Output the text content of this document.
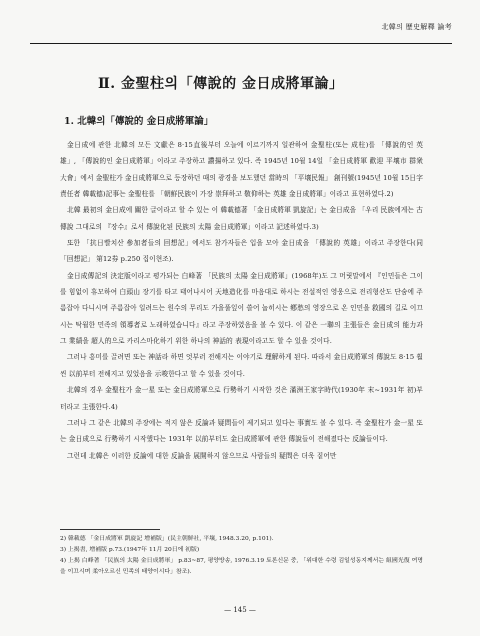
北韓의 歷史解釋 論考
Ⅱ. 金聖柱의「傳說的 金日成將軍論」
1. 北韓의「傳說的 金日成將軍論」

金日成에 관한 北韓의 모든 文獻은 8·15直後부터 오늘에 이르기까지 일관하여 金聖柱(또는 成柱)를 「傳說的인 英雄」, 「傳說的인 金日成將軍」이라고 주장하고 讚揚하고 있다. 즉 1945년 10월 14일 「金日成將軍 歡迎 平壤市 群衆大會」에서 金聖柱가 金日成將軍으로 등장하던 때의 광경을 보도했던 當時의 「平壤民報」 創刊號(1945년 10월 15日字 責任者 韓載德)記事는 金聖柱를 「朝鮮民族이 가장 崇拜하고 敬仰하는 英雄 金日成將軍」이라고 표현하였다.2)

北韓 最初의 金日成에 關한 글이라고 할 수 있는 이 韓載德著 「金日成將軍 凱旋記」는 金日成을 「우리 民族에게는 古傳說 그대로의 『장수』로서 傳說化된 民族의 太陽 金日成將軍」이라고 記述하였다.3)

또한 「抗日빨치산 參加者들의 回想記」에서도 참가자들은 입을 모아 金日成을 「傳說的 英雄」이라고 주장한다(同 「回想記」 第12券 p.250 집이현조).

金日成傳記의 決定版이라고 평가되는 白峰著 「民族의 太陽 金日成將軍」(1968年)도 그 머릿말에서 『인민들은 그이를 힘없이 휴모하여 白頭山 장기를 타고 태어나시어 天地造化를 마음대로 하시는 전설적인 영웅으로 전리형산도 단숨에 주름잡아 다니시며 주름잡아 일려드는 원수의 무리도 가을풀잎이 쓸어 눕히시는 鄕愁의 영장으로 온 인민을 救國의 길로 이끄시는 탁월한 민족의 領導者로 노래하였습니다』라고 주장하였음을 볼 수 있다. 이 같은 一聯의 主張들은 金日成의 能力과 그 業績을 超人的으로 카리스마化하기 위한 하나의 神話的 表現이라고도 할 수 있을 것이다.

그러나 흥미를 끌려면 또는 神話라 하면 엇부러 전해지는 이야기로 理解하게 된다. 따라서 金日成將軍의 傳說도 8·15 훨씬 以前부터 전해지고 있었음을 示唆한다고 할 수 있을 것이다.

北韓의 경우 金聖柱가 金一星 또는 金日成將軍으로 行勢하기 시작한 것은 滿洲王家字時代(1930年 末~1931年 初)부터라고 主張한다.4)

그러나 그 같은 北韓의 주장에는 적지 않은 反論과 疑問들이 제기되고 있다는 事實도 볼 수 있다. 즉 金聖柱가 金一星 또는 金日成으로 行勢하기 시작했다는 1931年 以前부터도 金日成將軍에 관한 傳說들이 전해졌다는 反論들이다.

그런데 北韓은 이러한 反論에 대한 反論을 展開하지 않으므로 사람들의 疑問은 더욱 짙어만

2) 韓載德 「金日成將軍 凱旋記 增補版」(民主朝鮮社, 平壤, 1948.3.20, p.101).

3) 上揭書, 增補版 p.73.(1947年 11月 20日에 初版)

4) 上揭 白峰著 「民族의 太陽 金日成將軍」 p.83~87, 평양방송, 1976.3.19 토론신문 중, 「위대한 수령 김일성동지께서는 組國光復 여명을 이끄시며 柔아오르신 민족의 태양이시다」참조).

— 145 —
